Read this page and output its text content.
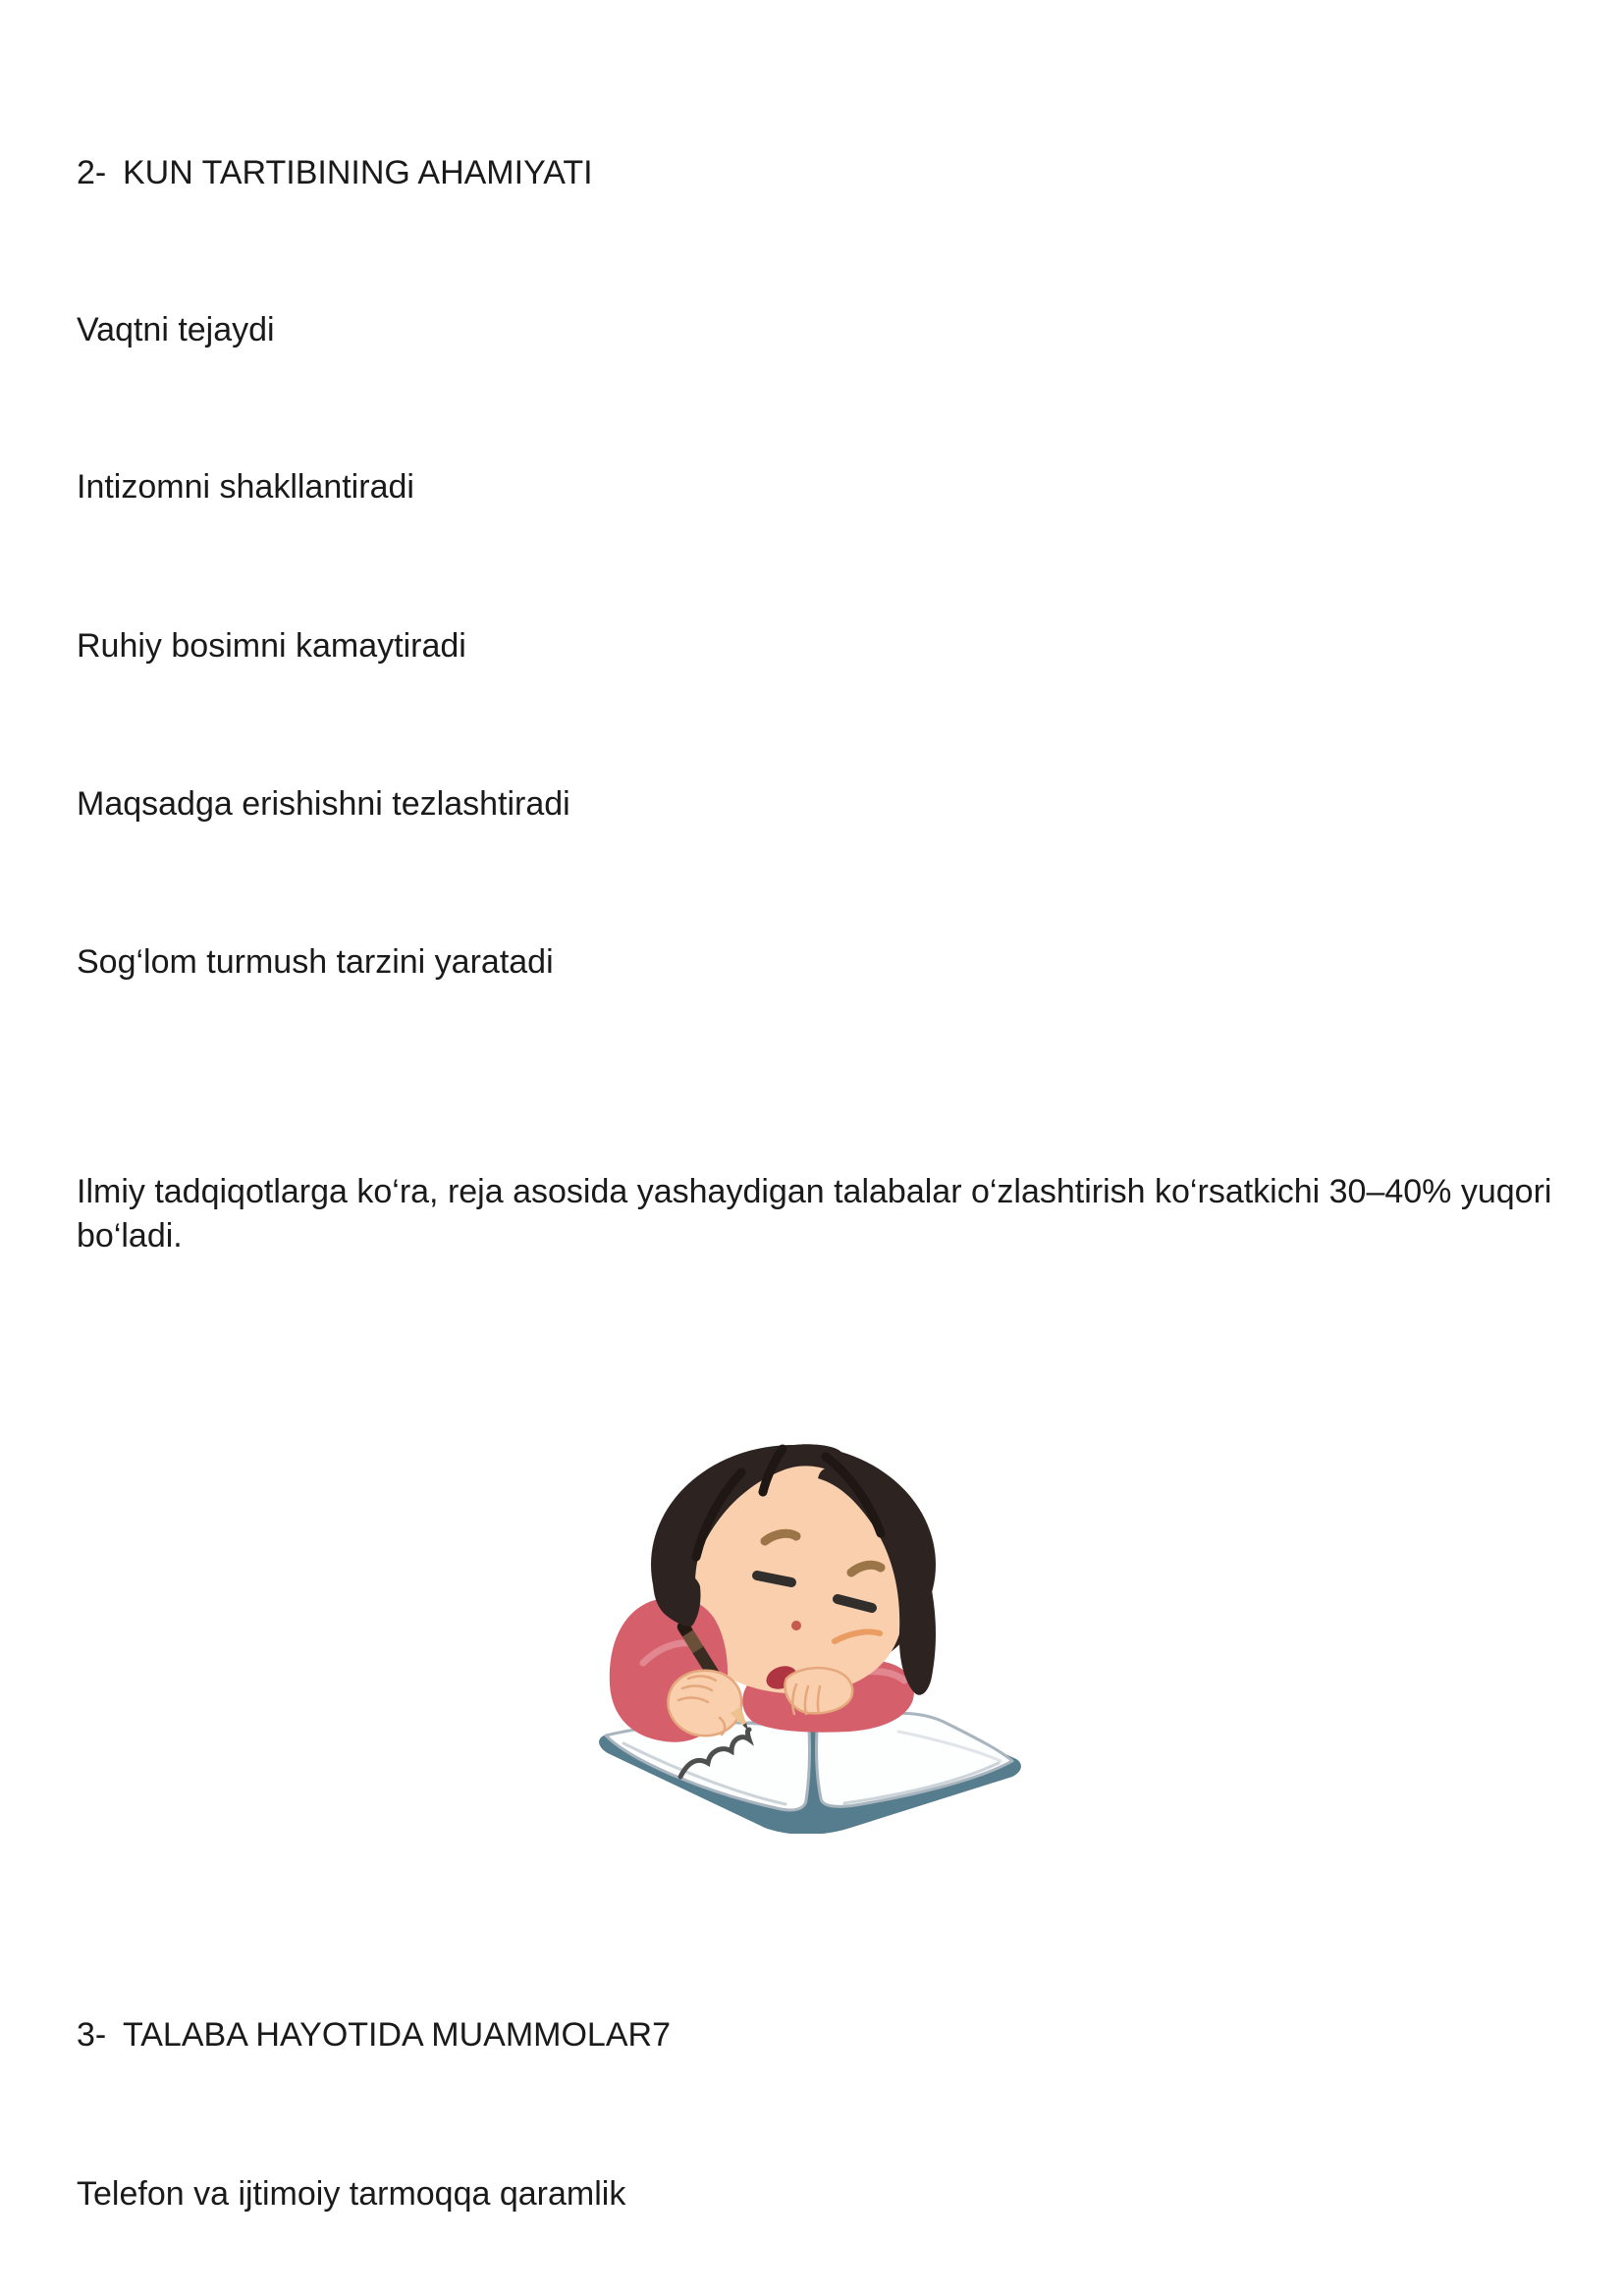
2- KUN TARTIBINING AHAMIYATI
Vaqtni tejaydi
Intizomni shakllantiradi
Ruhiy bosimni kamaytiradi
Maqsadga erishishni tezlashtiradi
Sog‘lom turmush tarzini yaratadi

Ilmiy tadqiqotlarga ko‘ra, reja asosida yashaydigan talabalar o‘zlashtirish ko‘rsatkichi 30–40% yuqori bo‘ladi.

3- TALABA HAYOTIDA MUAMMOLAR7
Telefon va ijtimoiy tarmoqqa qaramlik
